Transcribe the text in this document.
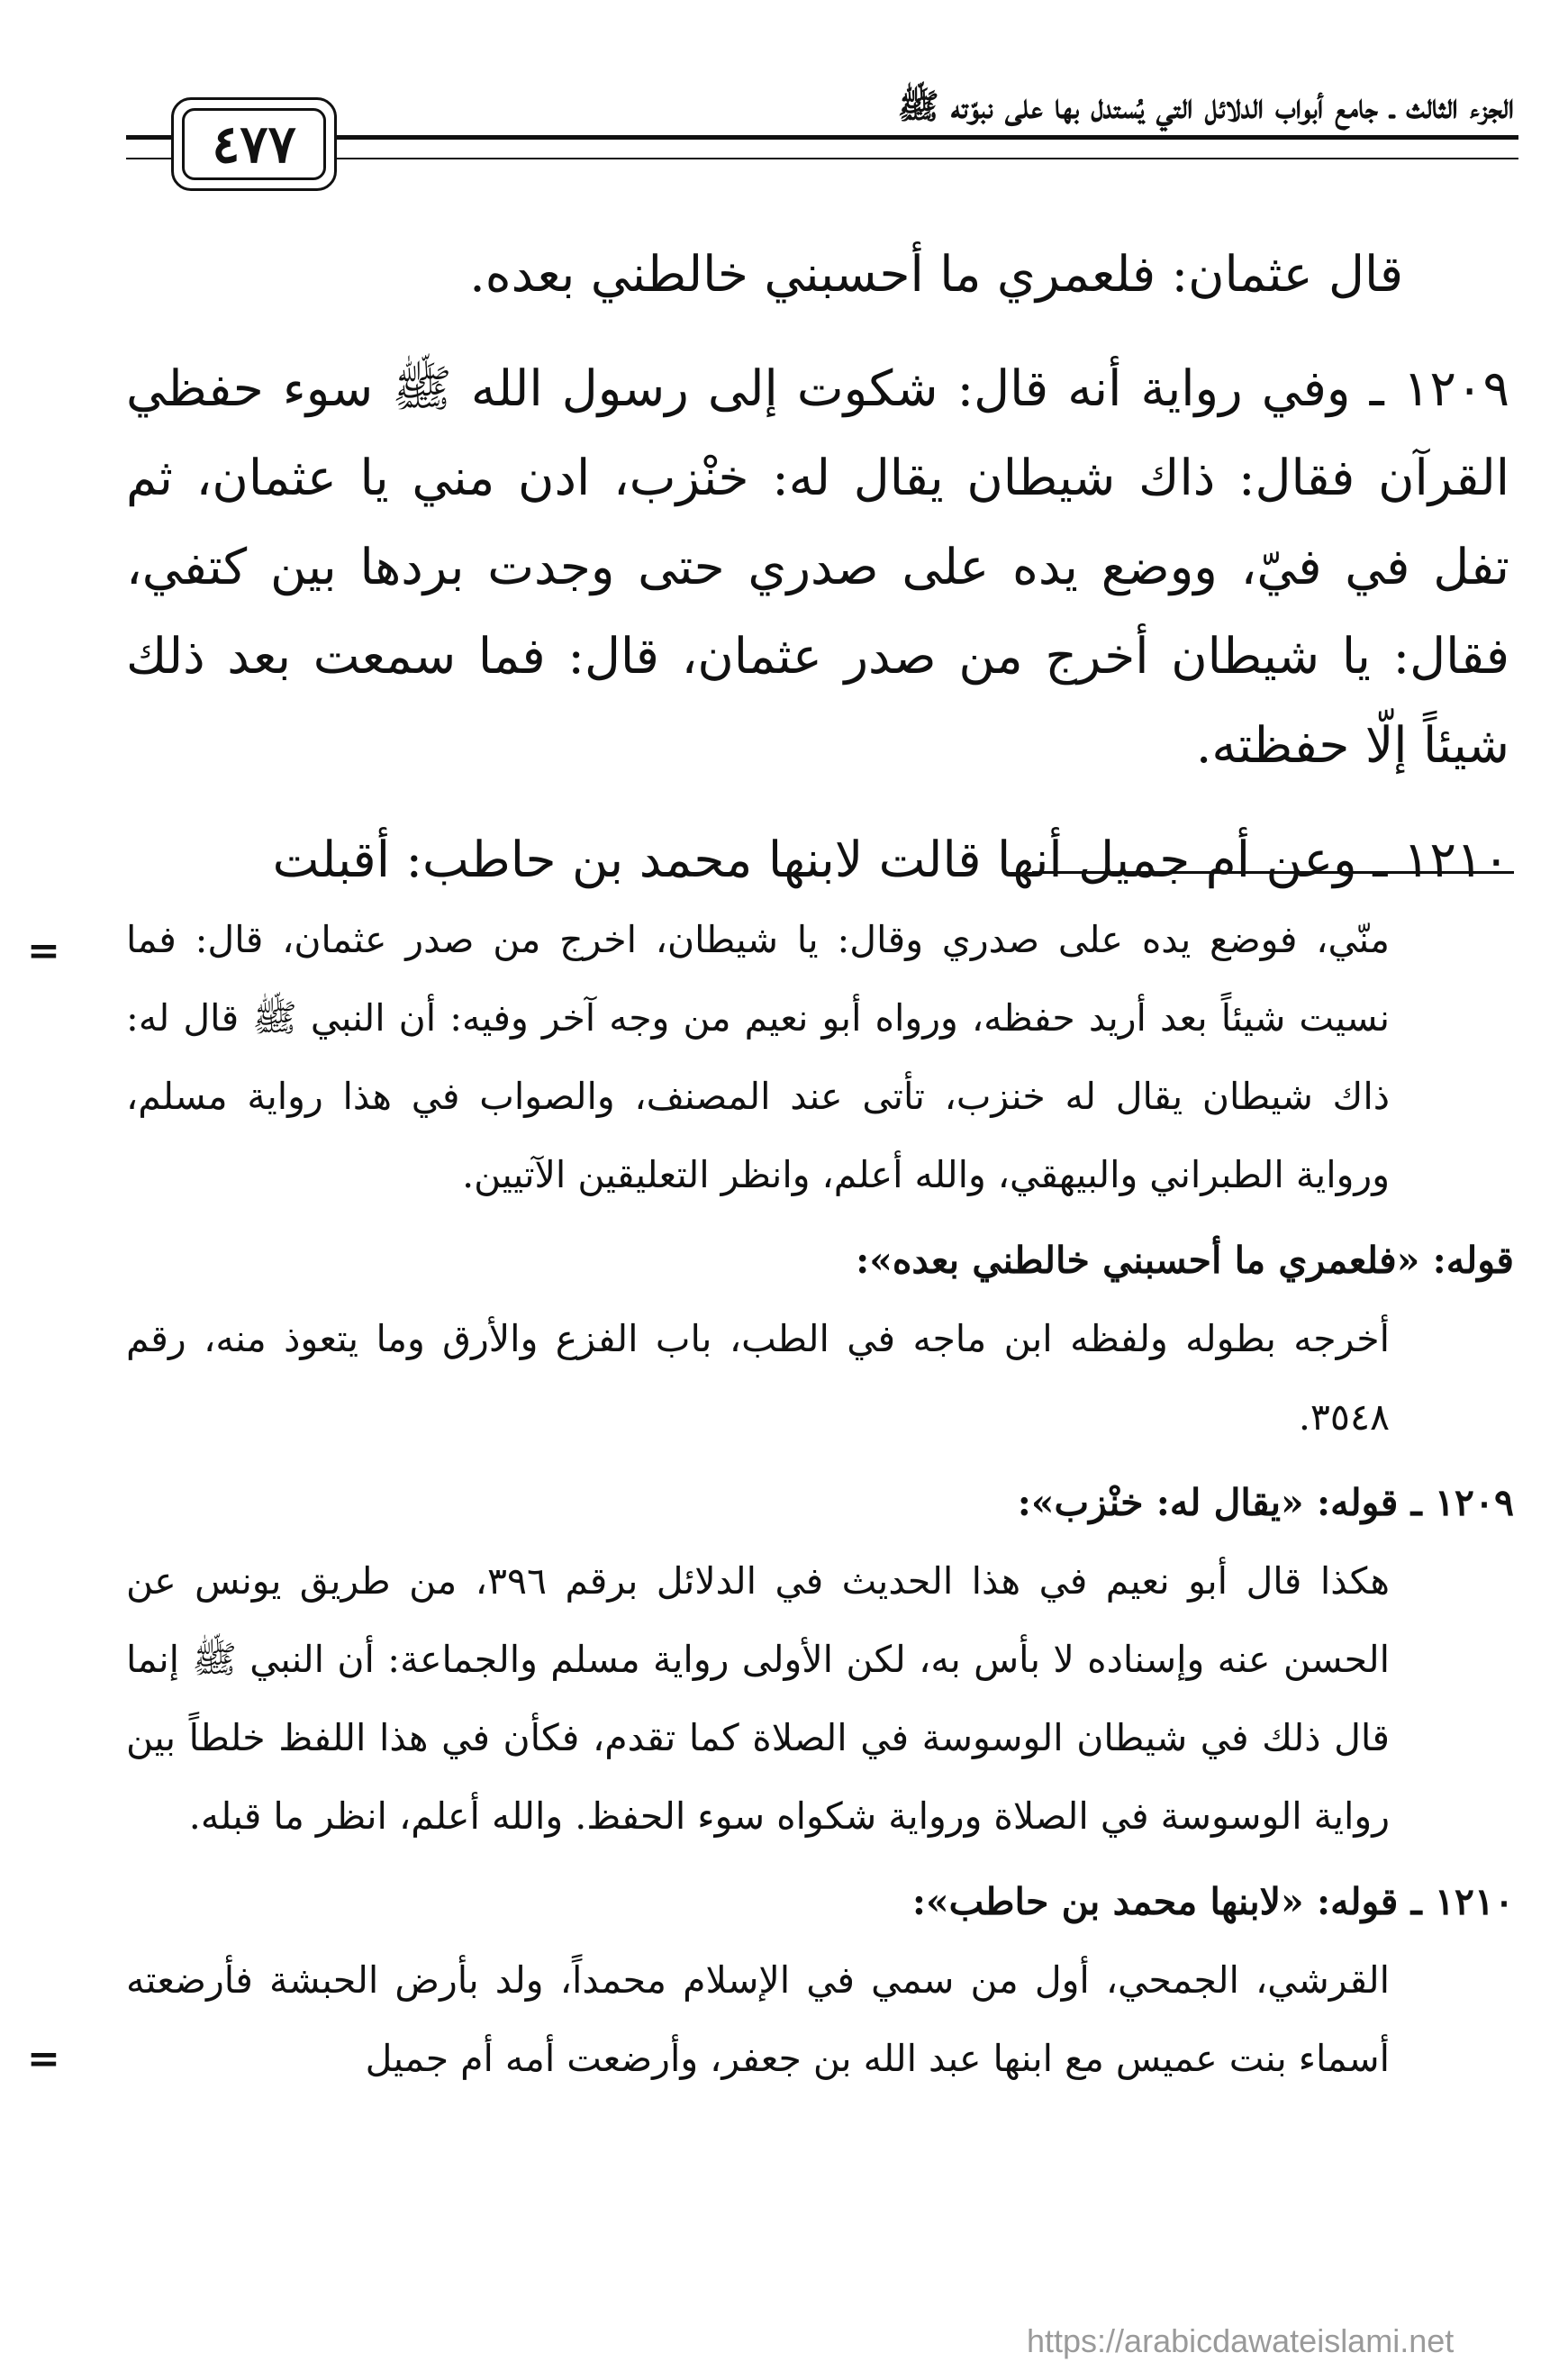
الجزء الثالث ـ جامع أبواب الدلائل التي يُستدل بها على نبوّته ﷺ
٤٧٧

قال عثمان: فلعمري ما أحسبني خالطني بعده.

١٢٠٩ ـ وفي رواية أنه قال: شكوت إلى رسول الله ﷺ سوء حفظي القرآن فقال: ذاك شيطان يقال له: خنْزب، ادن مني يا عثمان، ثم تفل في فيّ، ووضع يده على صدري حتى وجدت بردها بين كتفي، فقال: يا شيطان أخرج من صدر عثمان، قال: فما سمعت بعد ذلك شيئاً إلّا حفظته.

١٢١٠ ـ وعن أم جميل أنها قالت لابنها محمد بن حاطب: أقبلت

= منّي، فوضع يده على صدري وقال: يا شيطان، اخرج من صدر عثمان، قال: فما نسيت شيئاً بعد أريد حفظه، ورواه أبو نعيم من وجه آخر وفيه: أن النبي ﷺ قال له: ذاك شيطان يقال له خنزب، تأتى عند المصنف، والصواب في هذا رواية مسلم، ورواية الطبراني والبيهقي، والله أعلم، وانظر التعليقين الآتيين.

قوله: «فلعمري ما أحسبني خالطني بعده»:

أخرجه بطوله ولفظه ابن ماجه في الطب، باب الفزع والأرق وما يتعوذ منه، رقم ٣٥٤٨.

١٢٠٩ ـ قوله: «يقال له: خنْزب»:

هكذا قال أبو نعيم في هذا الحديث في الدلائل برقم ٣٩٦، من طريق يونس عن الحسن عنه وإسناده لا بأس به، لكن الأولى رواية مسلم والجماعة: أن النبي ﷺ إنما قال ذلك في شيطان الوسوسة في الصلاة كما تقدم، فكأن في هذا اللفظ خلطاً بين رواية الوسوسة في الصلاة ورواية شكواه سوء الحفظ. والله أعلم، انظر ما قبله.

١٢١٠ ـ قوله: «لابنها محمد بن حاطب»:

القرشي، الجمحي، أول من سمي في الإسلام محمداً، ولد بأرض الحبشة فأرضعته أسماء بنت عميس مع ابنها عبد الله بن جعفر، وأرضعت أمه أم جميل
=

https://arabicdawateislami.net
